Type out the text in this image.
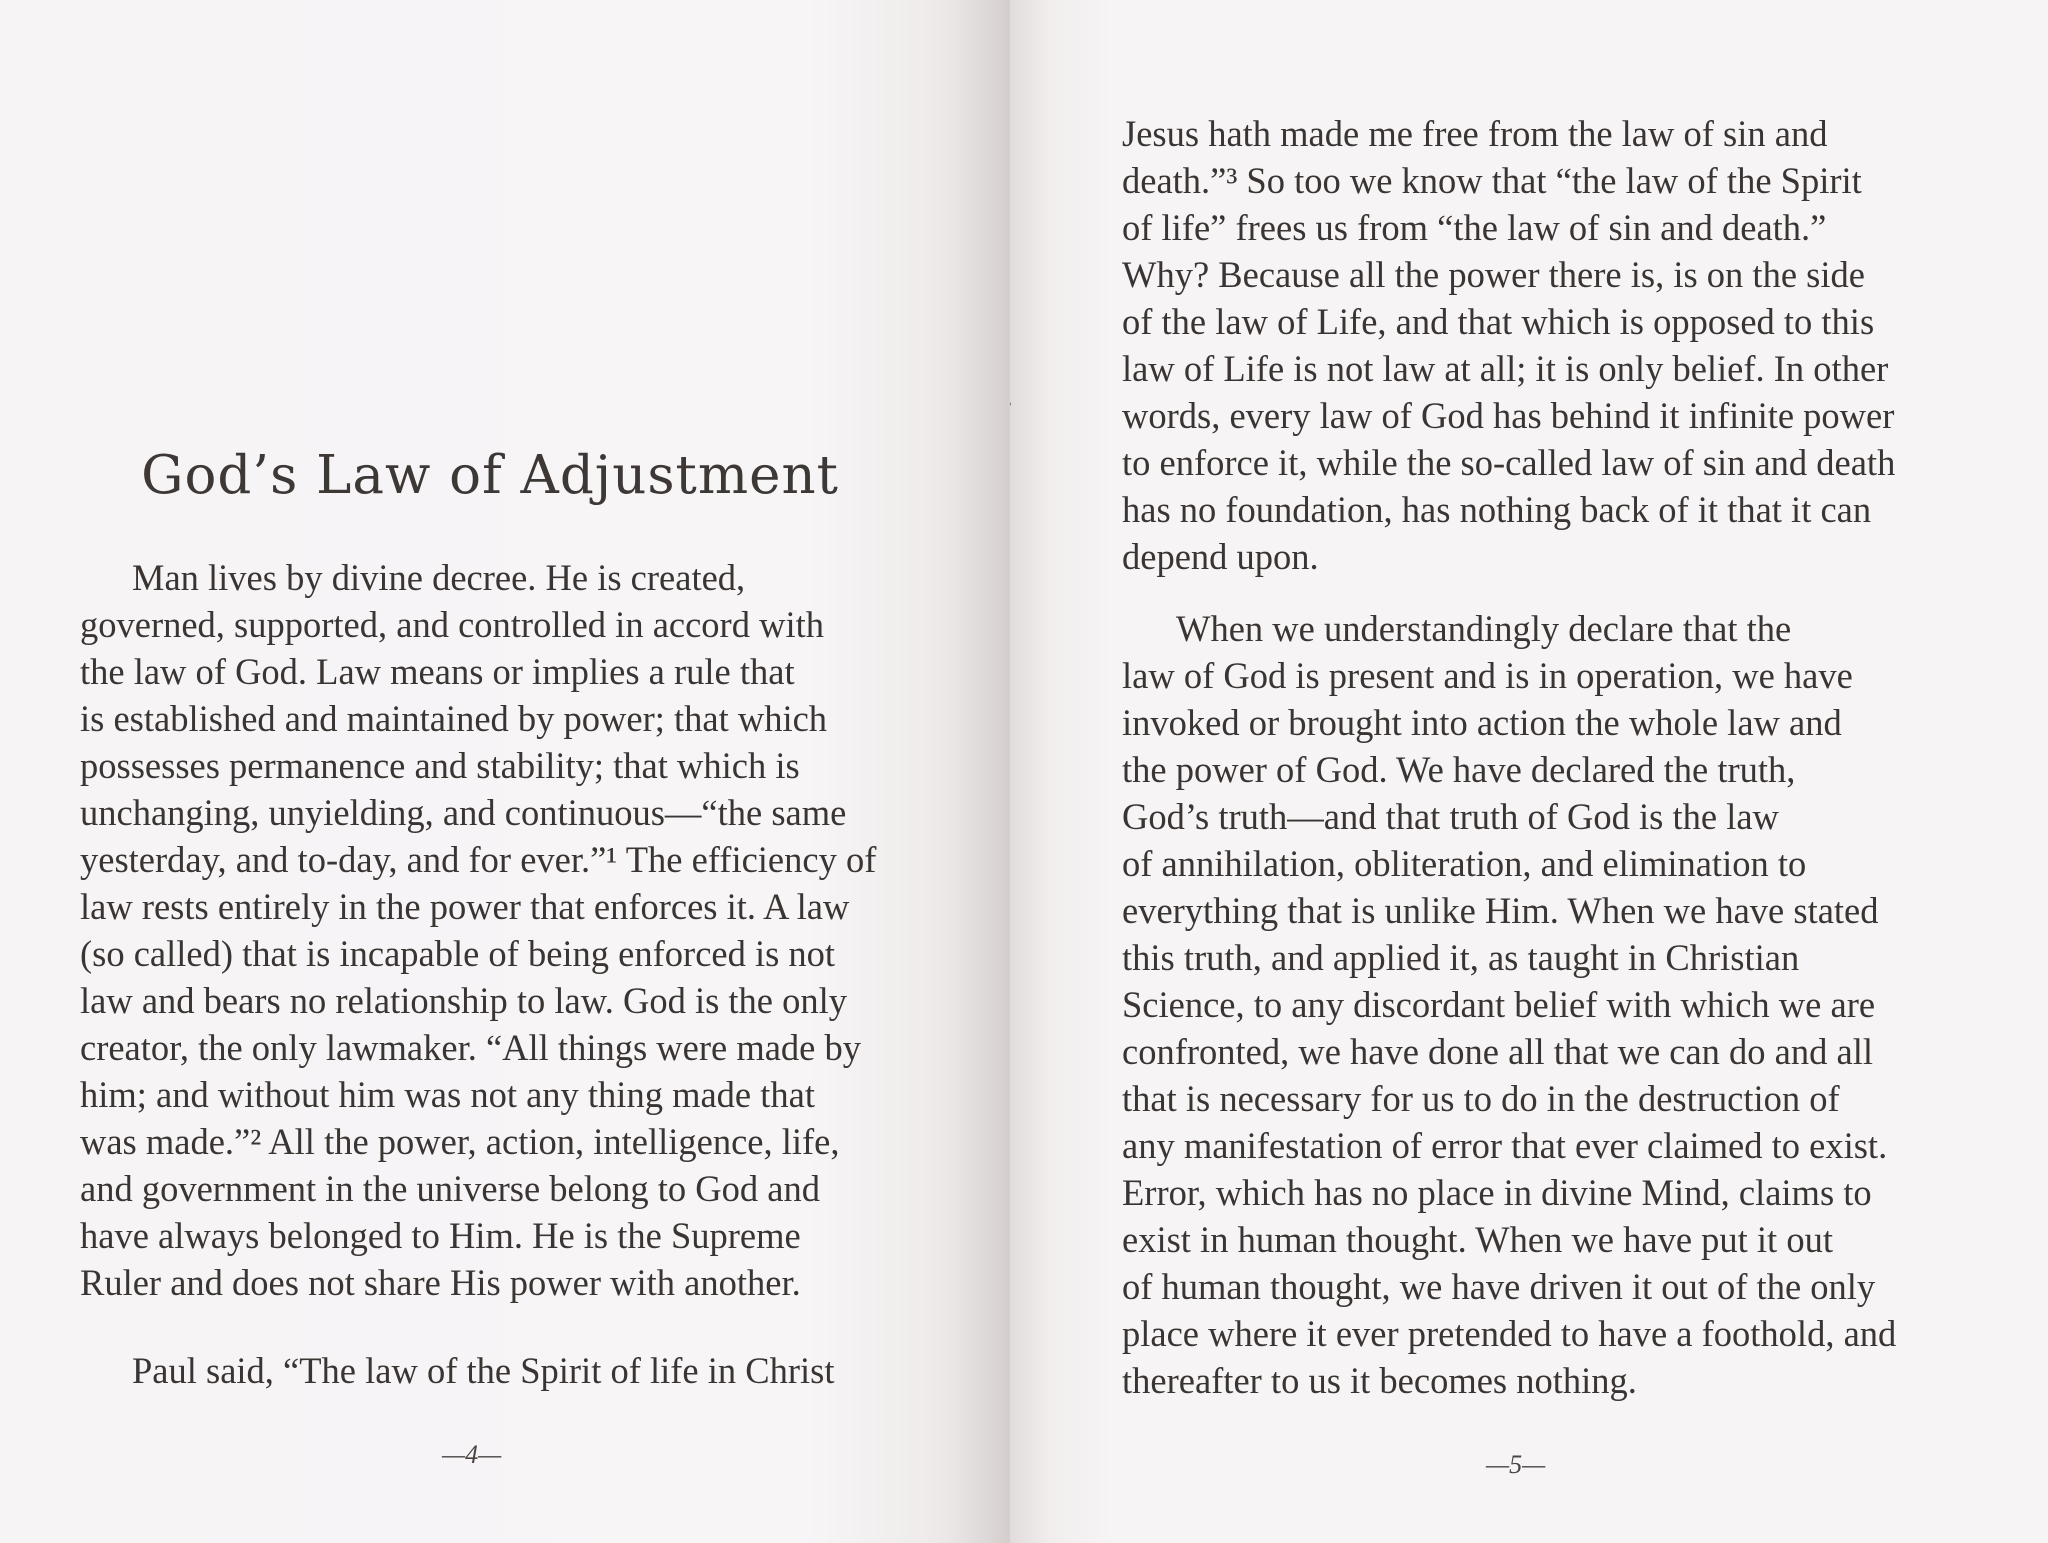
God’s Law of Adjustment
Man lives by divine decree. He is created,
governed, supported, and controlled in accord with
the law of God. Law means or implies a rule that
is established and maintained by power; that which
possesses permanence and stability; that which is
unchanging, unyielding, and continuous—“the same
yesterday, and to-day, and for ever.”¹ The efficiency of
law rests entirely in the power that enforces it. A law
(so called) that is incapable of being enforced is not
law and bears no relationship to law. God is the only
creator, the only lawmaker. “All things were made by
him; and without him was not any thing made that
was made.”² All the power, action, intelligence, life,
and government in the universe belong to God and
have always belonged to Him. He is the Supreme
Ruler and does not share His power with another.
Paul said, “The law of the Spirit of life in Christ
—4—
Jesus hath made me free from the law of sin and
death.”³ So too we know that “the law of the Spirit
of life” frees us from “the law of sin and death.”
Why? Because all the power there is, is on the side
of the law of Life, and that which is opposed to this
law of Life is not law at all; it is only belief. In other
words, every law of God has behind it infinite power
to enforce it, while the so-called law of sin and death
has no foundation, has nothing back of it that it can
depend upon.
When we understandingly declare that the
law of God is present and is in operation, we have
invoked or brought into action the whole law and
the power of God. We have declared the truth,
God’s truth—and that truth of God is the law
of annihilation, obliteration, and elimination to
everything that is unlike Him. When we have stated
this truth, and applied it, as taught in Christian
Science, to any discordant belief with which we are
confronted, we have done all that we can do and all
that is necessary for us to do in the destruction of
any manifestation of error that ever claimed to exist.
Error, which has no place in divine Mind, claims to
exist in human thought. When we have put it out
of human thought, we have driven it out of the only
place where it ever pretended to have a foothold, and
thereafter to us it becomes nothing.
—5—
